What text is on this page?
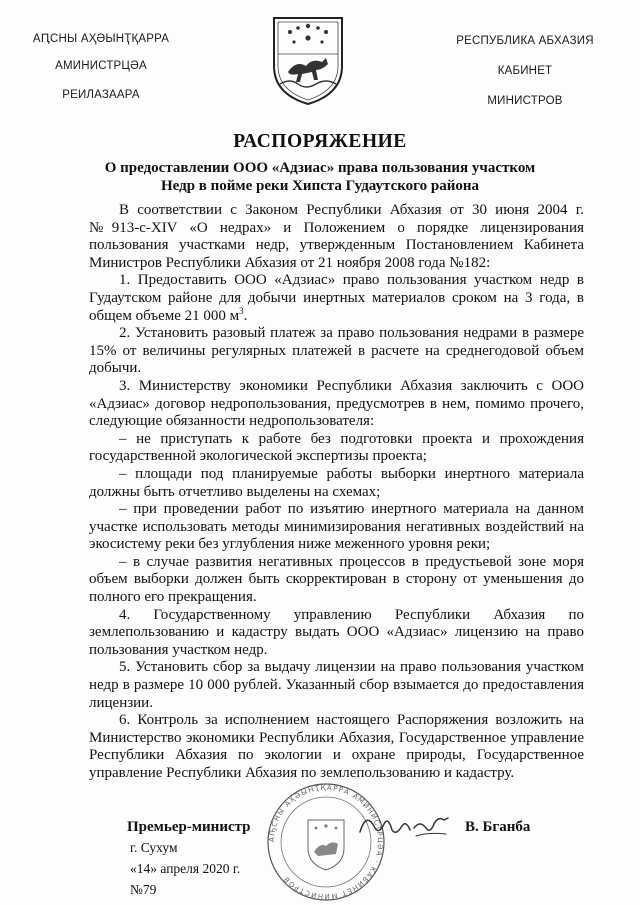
АԤСНЫ АҲӘЫНҬҚАРРА
АМИНИСТРЦӘА
РЕИЛАЗААРА
РЕСПУБЛИКА АБХАЗИЯ
КАБИНЕТ
МИНИСТРОВ
РАСПОРЯЖЕНИЕ
О предоставлении ООО «Адзиас» права пользования участком
Недр в пойме реки Хипста Гудаутского района

В соответствии с Законом Республики Абхазия от 30 июня 2004 г. №913-с-XIV «О недрах» и Положением о порядке лицензирования пользования участками недр, утвержденным Постановлением Кабинета Министров Республики Абхазия от 21 ноября 2008 года №182:

1. Предоставить ООО «Адзиас» право пользования участком недр в Гудаутском районе для добычи инертных материалов сроком на 3 года, в общем объеме 21 000 $м^3$.

2. Установить разовый платеж за право пользования недрами в размере 15% от величины регулярных платежей в расчете на среднегодовой объем добычи.

3. Министерству экономики Республики Абхазия заключить с ООО «Адзиас» договор недропользования, предусмотрев в нем, помимо прочего, следующие обязанности недропользователя:

– не приступать к работе без подготовки проекта и прохождения государственной экологической экспертизы проекта;

– площади под планируемые работы выборки инертного материала должны быть отчетливо выделены на схемах;

– при проведении работ по изъятию инертного материала на данном участке использовать методы минимизирования негативных воздействий на экосистему реки без углубления ниже меженного уровня реки;

– в случае развития негативных процессов в предустьевой зоне моря объем выборки должен быть скорректирован в сторону от уменьшения до полного его прекращения.

4. Государственному управлению Республики Абхазия по землепользованию и кадастру выдать ООО «Адзиас» лицензию на право пользования участком недр.

5. Установить сбор за выдачу лицензии на право пользования участком недр в размере 10 000 рублей. Указанный сбор взымается до предоставления лицензии.

6. Контроль за исполнением настоящего Распоряжения возложить на Министерство экономики Республики Абхазия, Государственное управление Республики Абхазия по экологии и охране природы, Государственное управление Республики Абхазия по землепользованию и кадастру.

АҦСНЫ АҲӘЫНҬҚАРРА АМИНИСТРЦӘА · КАБИНЕТ МИНИСТРОВ
Премьер-министр	В. Бганба
г. Сухум
«14» апреля 2020 г.
№79
